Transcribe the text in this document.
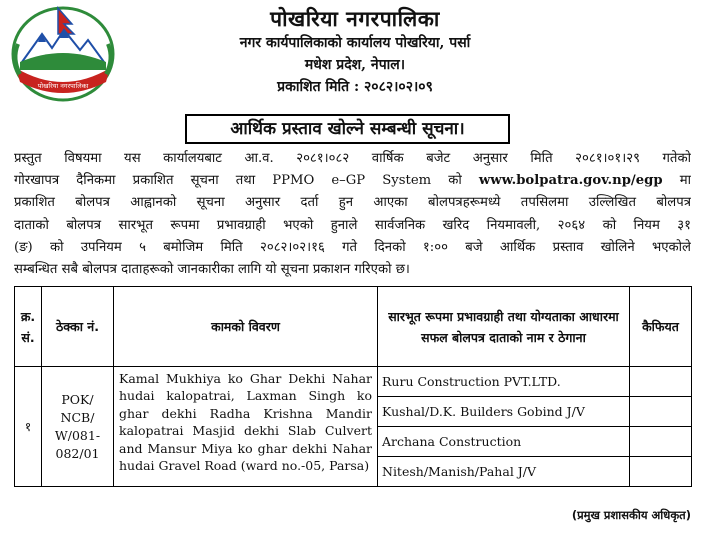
पोखरिया नगरपालिका
पोखरिया नगरपालिका
नगर कार्यपालिकाको कार्यालय पोखरिया, पर्सा
मधेश प्रदेश, नेपाल।
प्रकाशित मिति : २०८२।०२।०९
आर्थिक प्रस्ताव खोल्ने सम्बन्धी सूचना।
प्रस्तुत विषयमा यस कार्यालयबाट आ.व. २०८१।०८२ वार्षिक बजेट अनुसार मिति २०८१।०१।२९ गतेको
गोरखापत्र दैनिकमा प्रकाशित सूचना तथा PPMO e–GP System को www.bolpatra.gov.np/egp मा
प्रकाशित बोलपत्र आह्वानको सूचना अनुसार दर्ता हुन आएका बोलपत्रहरूमध्ये तपसिलमा उल्लिखित बोलपत्र
दाताको बोलपत्र सारभूत रूपमा प्रभावग्राही भएको हुनाले सार्वजनिक खरिद नियमावली, २०६४ को नियम ३१
(ङ) को उपनियम ५ बमोजिम मिति २०८२।०२।१६ गते दिनको १:०० बजे आर्थिक प्रस्ताव खोलिने भएकोले
सम्बन्धित सबै बोलपत्र दाताहरूको जानकारीका लागि यो सूचना प्रकाशन गरिएको छ।
क्र. सं.	ठेक्का नं.	कामको विवरण	सारभूत रूपमा प्रभावग्राही तथा योग्यताका आधारमा सफल बोलपत्र दाताको नाम र ठेगाना	कैफियत
१	POK/ NCB/ W/081- 082/01	Kamal Mukhiya ko Ghar Dekhi Nahar hudai kalopatrai, Laxman Singh ko ghar dekhi Radha Krishna Mandir kalopatrai Masjid dekhi Slab Culvert and Mansur Miya ko ghar dekhi Nahar hudai Gravel Road (ward no.-05, Parsa)	Ruru Construction PVT.LTD.	
			Kushal/D.K. Builders Gobind J/V	
			Archana Construction	
			Nitesh/Manish/Pahal J/V	
(प्रमुख प्रशासकीय अधिकृत)
